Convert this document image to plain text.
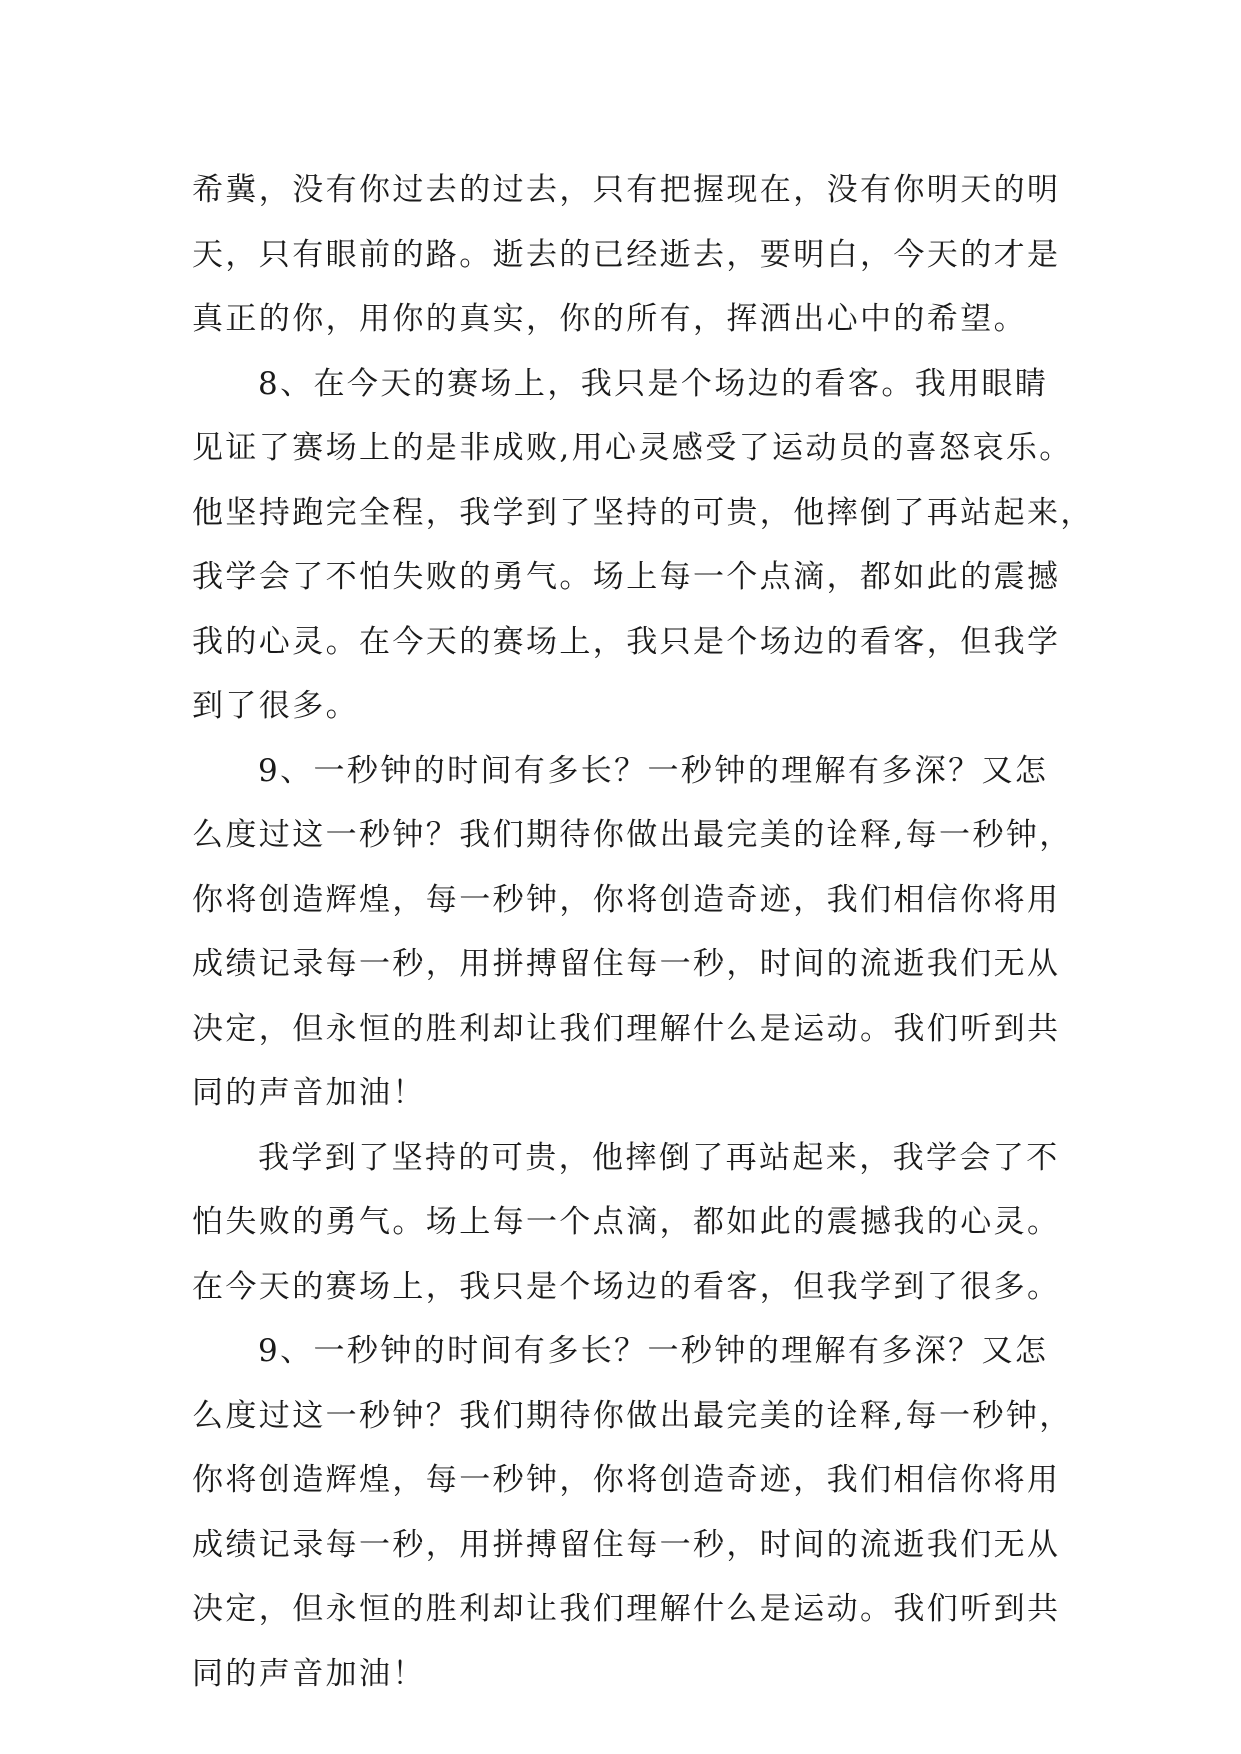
希冀，没有你过去的过去，只有把握现在，没有你明天的明
天，只有眼前的路。逝去的已经逝去，要明白，今天的才是
真正的你，用你的真实，你的所有，挥洒出心中的希望。
8、在今天的赛场上，我只是个场边的看客。我用眼睛
见证了赛场上的是非成败,用心灵感受了运动员的喜怒哀乐。
他坚持跑完全程，我学到了坚持的可贵，他摔倒了再站起来，
我学会了不怕失败的勇气。场上每一个点滴，都如此的震撼
我的心灵。在今天的赛场上，我只是个场边的看客，但我学
到了很多。
9、一秒钟的时间有多长？一秒钟的理解有多深？又怎
么度过这一秒钟？我们期待你做出最完美的诠释,每一秒钟，
你将创造辉煌，每一秒钟，你将创造奇迹，我们相信你将用
成绩记录每一秒，用拼搏留住每一秒，时间的流逝我们无从
决定，但永恒的胜利却让我们理解什么是运动。我们听到共
同的声音加油！
我学到了坚持的可贵，他摔倒了再站起来，我学会了不
怕失败的勇气。场上每一个点滴，都如此的震撼我的心灵。
在今天的赛场上，我只是个场边的看客，但我学到了很多。
9、一秒钟的时间有多长？一秒钟的理解有多深？又怎
么度过这一秒钟？我们期待你做出最完美的诠释,每一秒钟，
你将创造辉煌，每一秒钟，你将创造奇迹，我们相信你将用
成绩记录每一秒，用拼搏留住每一秒，时间的流逝我们无从
决定，但永恒的胜利却让我们理解什么是运动。我们听到共
同的声音加油！
